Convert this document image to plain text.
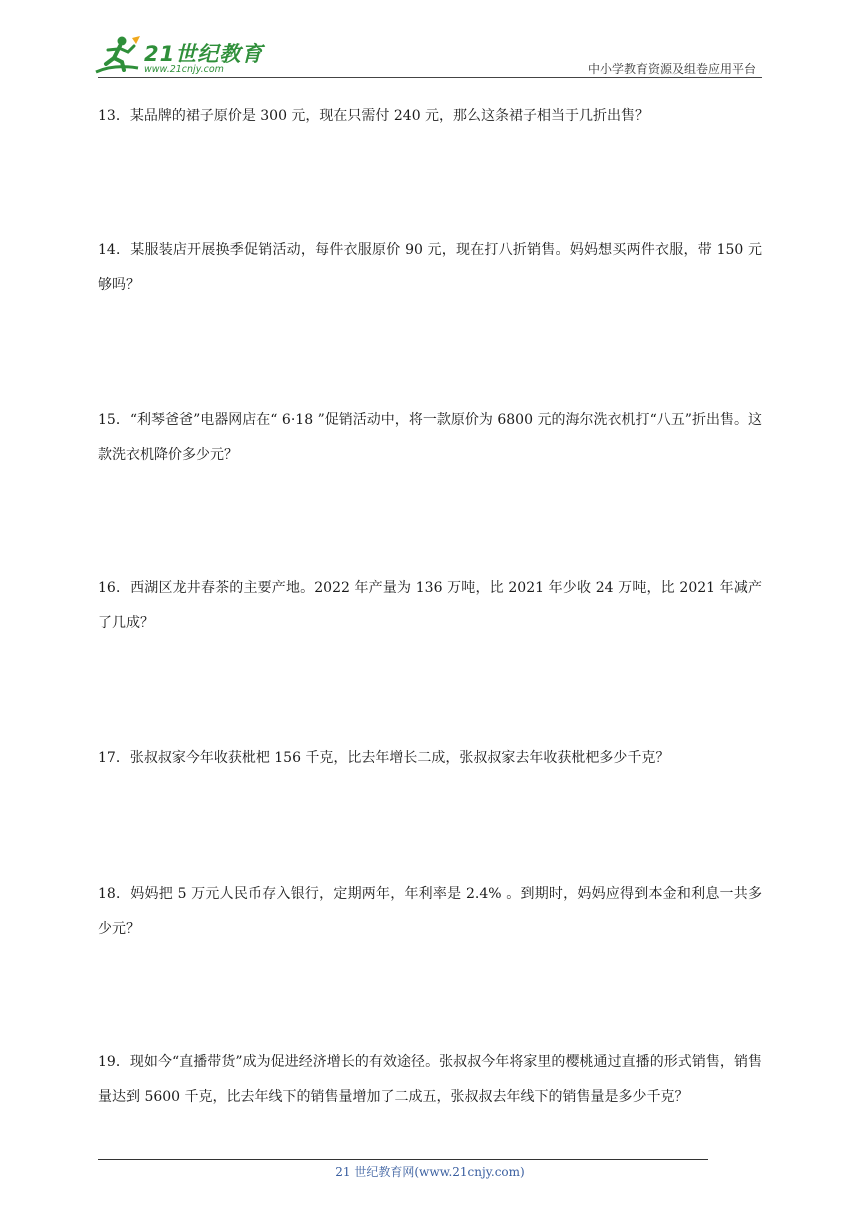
21世纪教育
www.21cnjy.com	中小学教育资源及组卷应用平台
13．某品牌的裙子原价是 300 元，现在只需付 240 元，那么这条裙子相当于几折出售？
14．某服装店开展换季促销活动，每件衣服原价 90 元，现在打八折销售。妈妈想买两件衣服，带 150 元够吗？
15．“利琴爸爸”电器网店在“ 6·18 ”促销活动中，将一款原价为 6800 元的海尔洗衣机打“八五”折出售。这款洗衣机降价多少元？
16．西湖区龙井春茶的主要产地。2022 年产量为 136 万吨，比 2021 年少收 24 万吨，比 2021 年减产了几成？
17．张叔叔家今年收获枇杷 156 千克，比去年增长二成，张叔叔家去年收获枇杷多少千克？
18．妈妈把 5 万元人民币存入银行，定期两年，年利率是 2.4% 。到期时，妈妈应得到本金和利息一共多少元？
19．现如今“直播带货”成为促进经济增长的有效途径。张叔叔今年将家里的樱桃通过直播的形式销售，销售量达到 5600 千克，比去年线下的销售量增加了二成五，张叔叔去年线下的销售量是多少千克？
21 世纪教育网(www.21cnjy.com)
